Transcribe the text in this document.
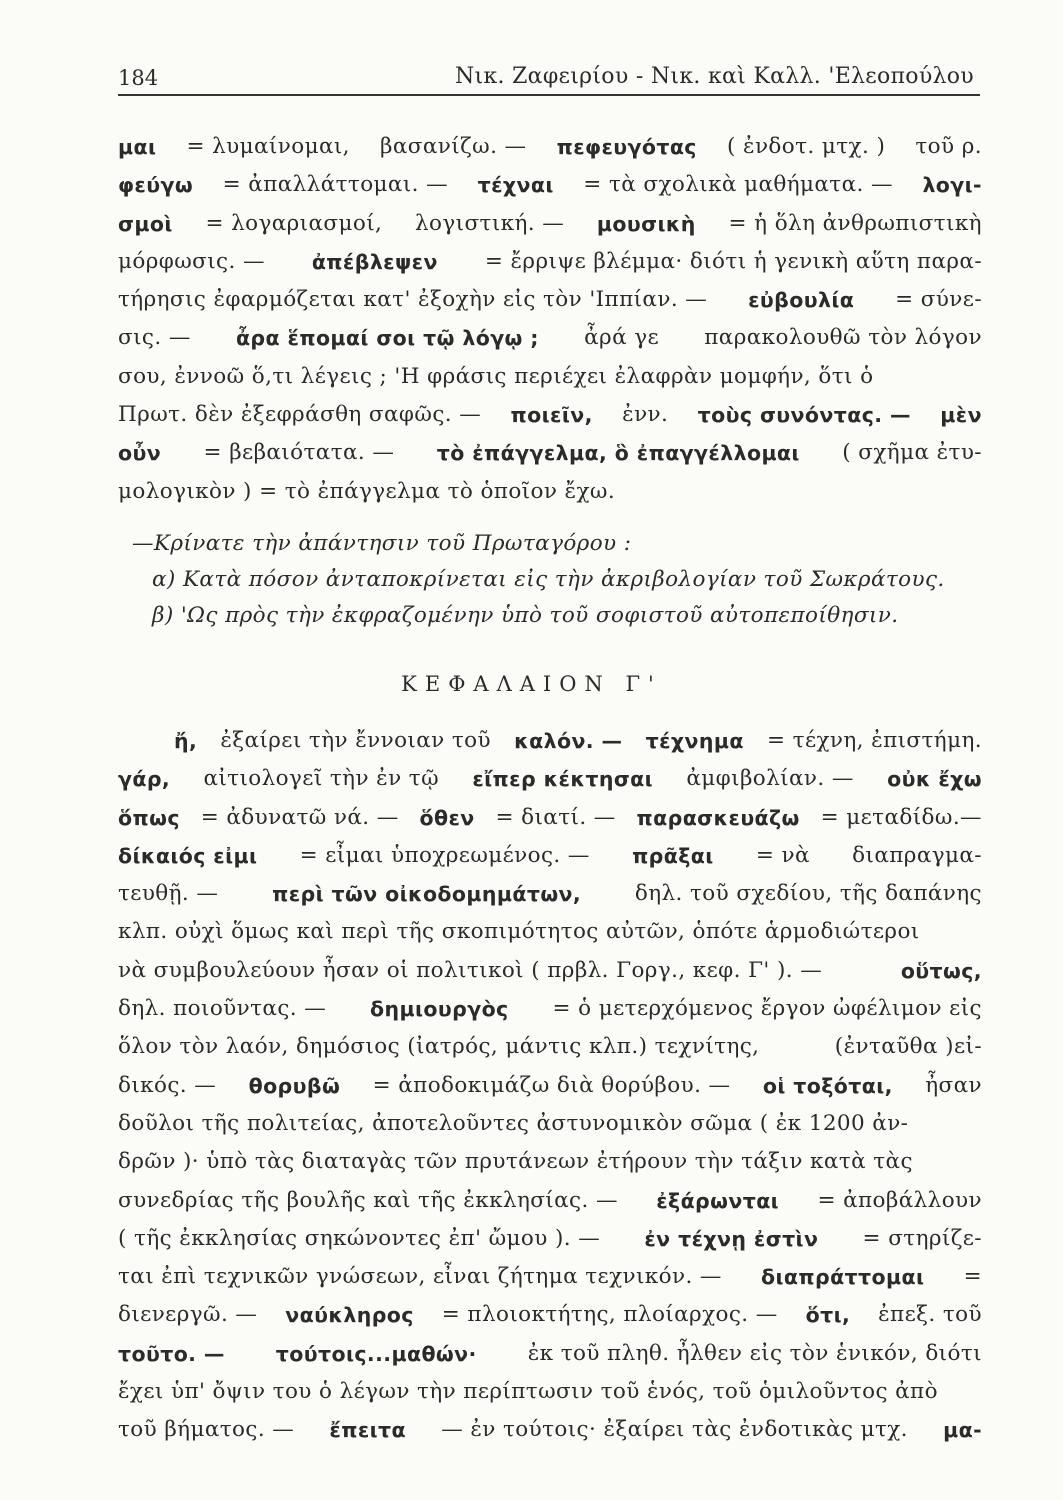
184	Νικ. Ζαφειρίου - Νικ. καὶ Καλλ. 'Ελεοπούλου
μαι = λυμαίνομαι, βασανίζω. — πεφευγότας ( ἐνδοτ. μτχ. ) τοῦ ρ.
φεύγω = ἀπαλλάττομαι. — τέχναι = τὰ σχολικὰ μαθήματα. — λογι-
σμοὶ = λογαριασμοί, λογιστική. — μουσικὴ = ἡ ὅλη ἀνθρωπιστικὴ
μόρφωσις. — ἀπέβλεψεν = ἔρριψε βλέμμα· διότι ἡ γενικὴ αὕτη παρα-
τήρησις ἐφαρμόζεται κατ' ἐξοχὴν εἰς τὸν 'Ιππίαν. — εὐβουλία = σύνε-
σις. — ἆρα ἕπομαί σοι τῷ λόγῳ ; ἆρά γε παρακολουθῶ τὸν λόγον
σου, ἐννοῶ ὅ,τι λέγεις ; 'Η φράσις περιέχει ἐλαφρὰν μομφήν, ὅτι ὁ
Πρωτ. δὲν ἐξεφράσθη σαφῶς. — ποιεῖν, ἐνν. τοὺς συνόντας. — μὲν
οὖν = βεβαιότατα. — τὸ ἐπάγγελμα, ὃ ἐπαγγέλλομαι ( σχῆμα ἐτυ-
μολογικὸν ) = τὸ ἐπάγγελμα τὸ ὁποῖον ἔχω.
—Κρίνατε τὴν ἀπάντησιν τοῦ Πρωταγόρου :
α) Κατὰ πόσον ἀνταποκρίνεται εἰς τὴν ἀκριβολογίαν τοῦ Σωκράτους.
β) 'Ως πρὸς τὴν ἐκφραζομένην ὑπὸ τοῦ σοφιστοῦ αὐτοπεποίθησιν.
ΚΕΦΑΛΑΙΟΝ Γ'
ἤ, ἐξαίρει τὴν ἔννοιαν τοῦ καλόν. — τέχνημα = τέχνη, ἐπιστήμη.
γάρ, αἰτιολογεῖ τὴν ἐν τῷ εἴπερ κέκτησαι ἀμφιβολίαν. — οὐκ ἔχω
ὅπως = ἀδυνατῶ νά. — ὅθεν = διατί. — παρασκευάζω = μεταδίδω.—
δίκαιός εἰμι = εἶμαι ὑποχρεωμένος. — πρᾶξαι = νὰ διαπραγμα-
τευθῇ. —	περὶ τῶν οἰκοδομημάτων,	δηλ. τοῦ σχεδίου, τῆς δαπάνης
κλπ. οὐχὶ ὅμως καὶ περὶ τῆς σκοπιμότητος αὐτῶν, ὁπότε ἁρμοδιώτεροι
νὰ συμβουλεύουν ἦσαν οἱ πολιτικοὶ ( πρβλ. Γοργ., κεφ. Γ' ). —	οὕτως,
δηλ. ποιοῦντας. — δημιουργὸς = ὁ μετερχόμενος ἔργον ὠφέλιμον εἰς
ὅλον τὸν λαόν, δημόσιος (ἰατρός, μάντις κλπ.) τεχνίτης,	(ἐνταῦθα )εἰ-
δικός. — θορυβῶ = ἀποδοκιμάζω διὰ θορύβου. — οἱ τοξόται, ἦσαν
δοῦλοι τῆς πολιτείας, ἀποτελοῦντες ἀστυνομικὸν σῶμα ( ἐκ 1200 ἀν-
δρῶν )· ὑπὸ τὰς διαταγὰς τῶν πρυτάνεων ἐτήρουν τὴν τάξιν κατὰ τὰς
συνεδρίας τῆς βουλῆς καὶ τῆς ἐκκλησίας. — ἐξάρωνται = ἀποβάλλουν
( τῆς ἐκκλησίας σηκώνοντες ἐπ' ὤμου ). — ἐν τέχνῃ ἐστὶν = στηρίζε-
ται ἐπὶ τεχνικῶν γνώσεων, εἶναι ζήτημα τεχνικόν. — διαπράττομαι =
διενεργῶ. — ναύκληρος = πλοιοκτήτης, πλοίαρχος. — ὅτι, ἐπεξ. τοῦ
τοῦτο. — τούτοις...μαθών· ἐκ τοῦ πληθ. ἦλθεν εἰς τὸν ἑνικόν, διότι
ἔχει ὑπ' ὄψιν του ὁ λέγων τὴν περίπτωσιν τοῦ ἑνός, τοῦ ὁμιλοῦντος ἀπὸ
τοῦ βήματος. — ἔπειτα — ἐν τούτοις· ἐξαίρει τὰς ἐνδοτικὰς μτχ. μα-
